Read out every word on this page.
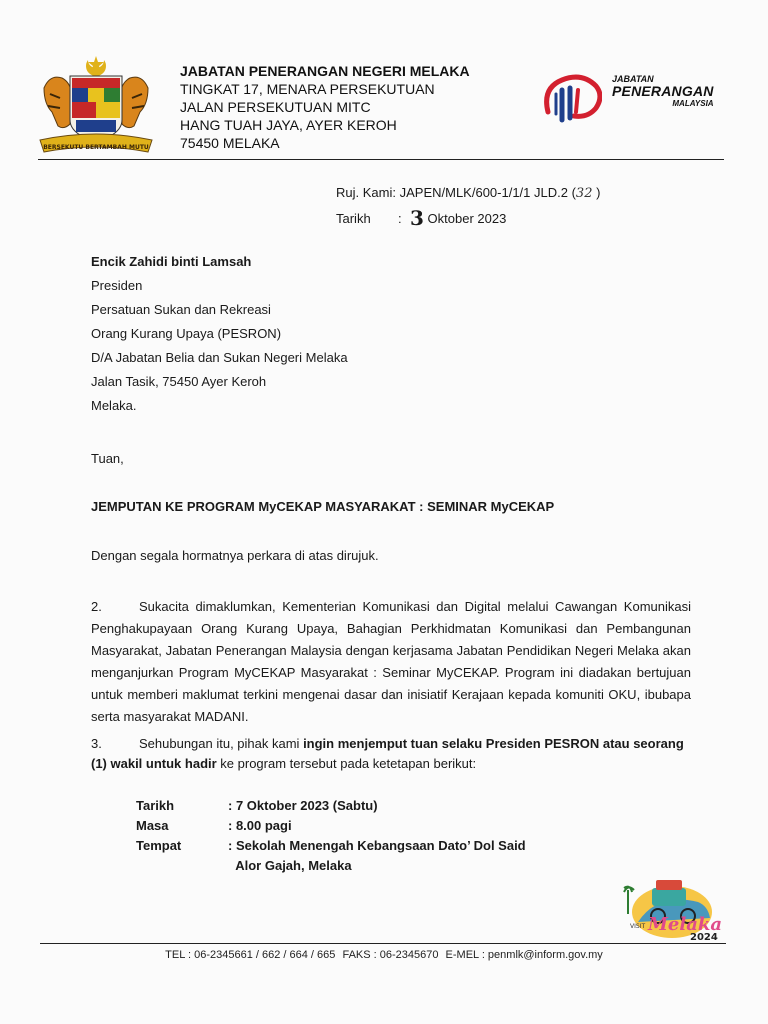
BERSEKUTU BERTAMBAH MUTU
JABATAN PENERANGAN NEGERI MELAKA
TINGKAT 17, MENARA PERSEKUTUAN
JALAN PERSEKUTUAN MITC
HANG TUAH JAYA, AYER KEROH
75450 MELAKA
JABATAN
PENERANGAN
MALAYSIA
Ruj. Kami: JAPEN/MLK/600-1/1/1 JLD.2 (32 )
Tarikh : 3 Oktober 2023
Encik Zahidi binti Lamsah
Presiden
Persatuan Sukan dan Rekreasi
Orang Kurang Upaya (PESRON)
D/A Jabatan Belia dan Sukan Negeri Melaka
Jalan Tasik, 75450 Ayer Keroh
Melaka.
Tuan,
JEMPUTAN KE PROGRAM MyCEKAP MASYARAKAT : SEMINAR MyCEKAP
Dengan segala hormatnya perkara di atas dirujuk.
2.	Sukacita dimaklumkan, Kementerian Komunikasi dan Digital melalui Cawangan Komunikasi Penghakupayaan Orang Kurang Upaya, Bahagian Perkhidmatan Komunikasi dan Pembangunan Masyarakat, Jabatan Penerangan Malaysia dengan kerjasama Jabatan Pendidikan Negeri Melaka akan menganjurkan Program MyCEKAP Masyarakat : Seminar MyCEKAP. Program ini diadakan bertujuan untuk memberi maklumat terkini mengenai dasar dan inisiatif Kerajaan kepada komuniti OKU, ibubapa serta masyarakat MADANI.
3.	Sehubungan itu, pihak kami ingin menjemput tuan selaku Presiden PESRON atau seorang (1) wakil untuk hadir ke program tersebut pada ketetapan berikut:
Tarikh	: 7 Oktober 2023 (Sabtu)
Masa	: 8.00 pagi
Tempat	: Sekolah Menengah Kebangsaan Dato’ Dol Said
Alor Gajah, Melaka
VISIT Melaka
2024
TEL : 06-2345661 / 662 / 664 / 665 FAKS : 06-2345670 E-MEL : penmlk@inform.gov.my
